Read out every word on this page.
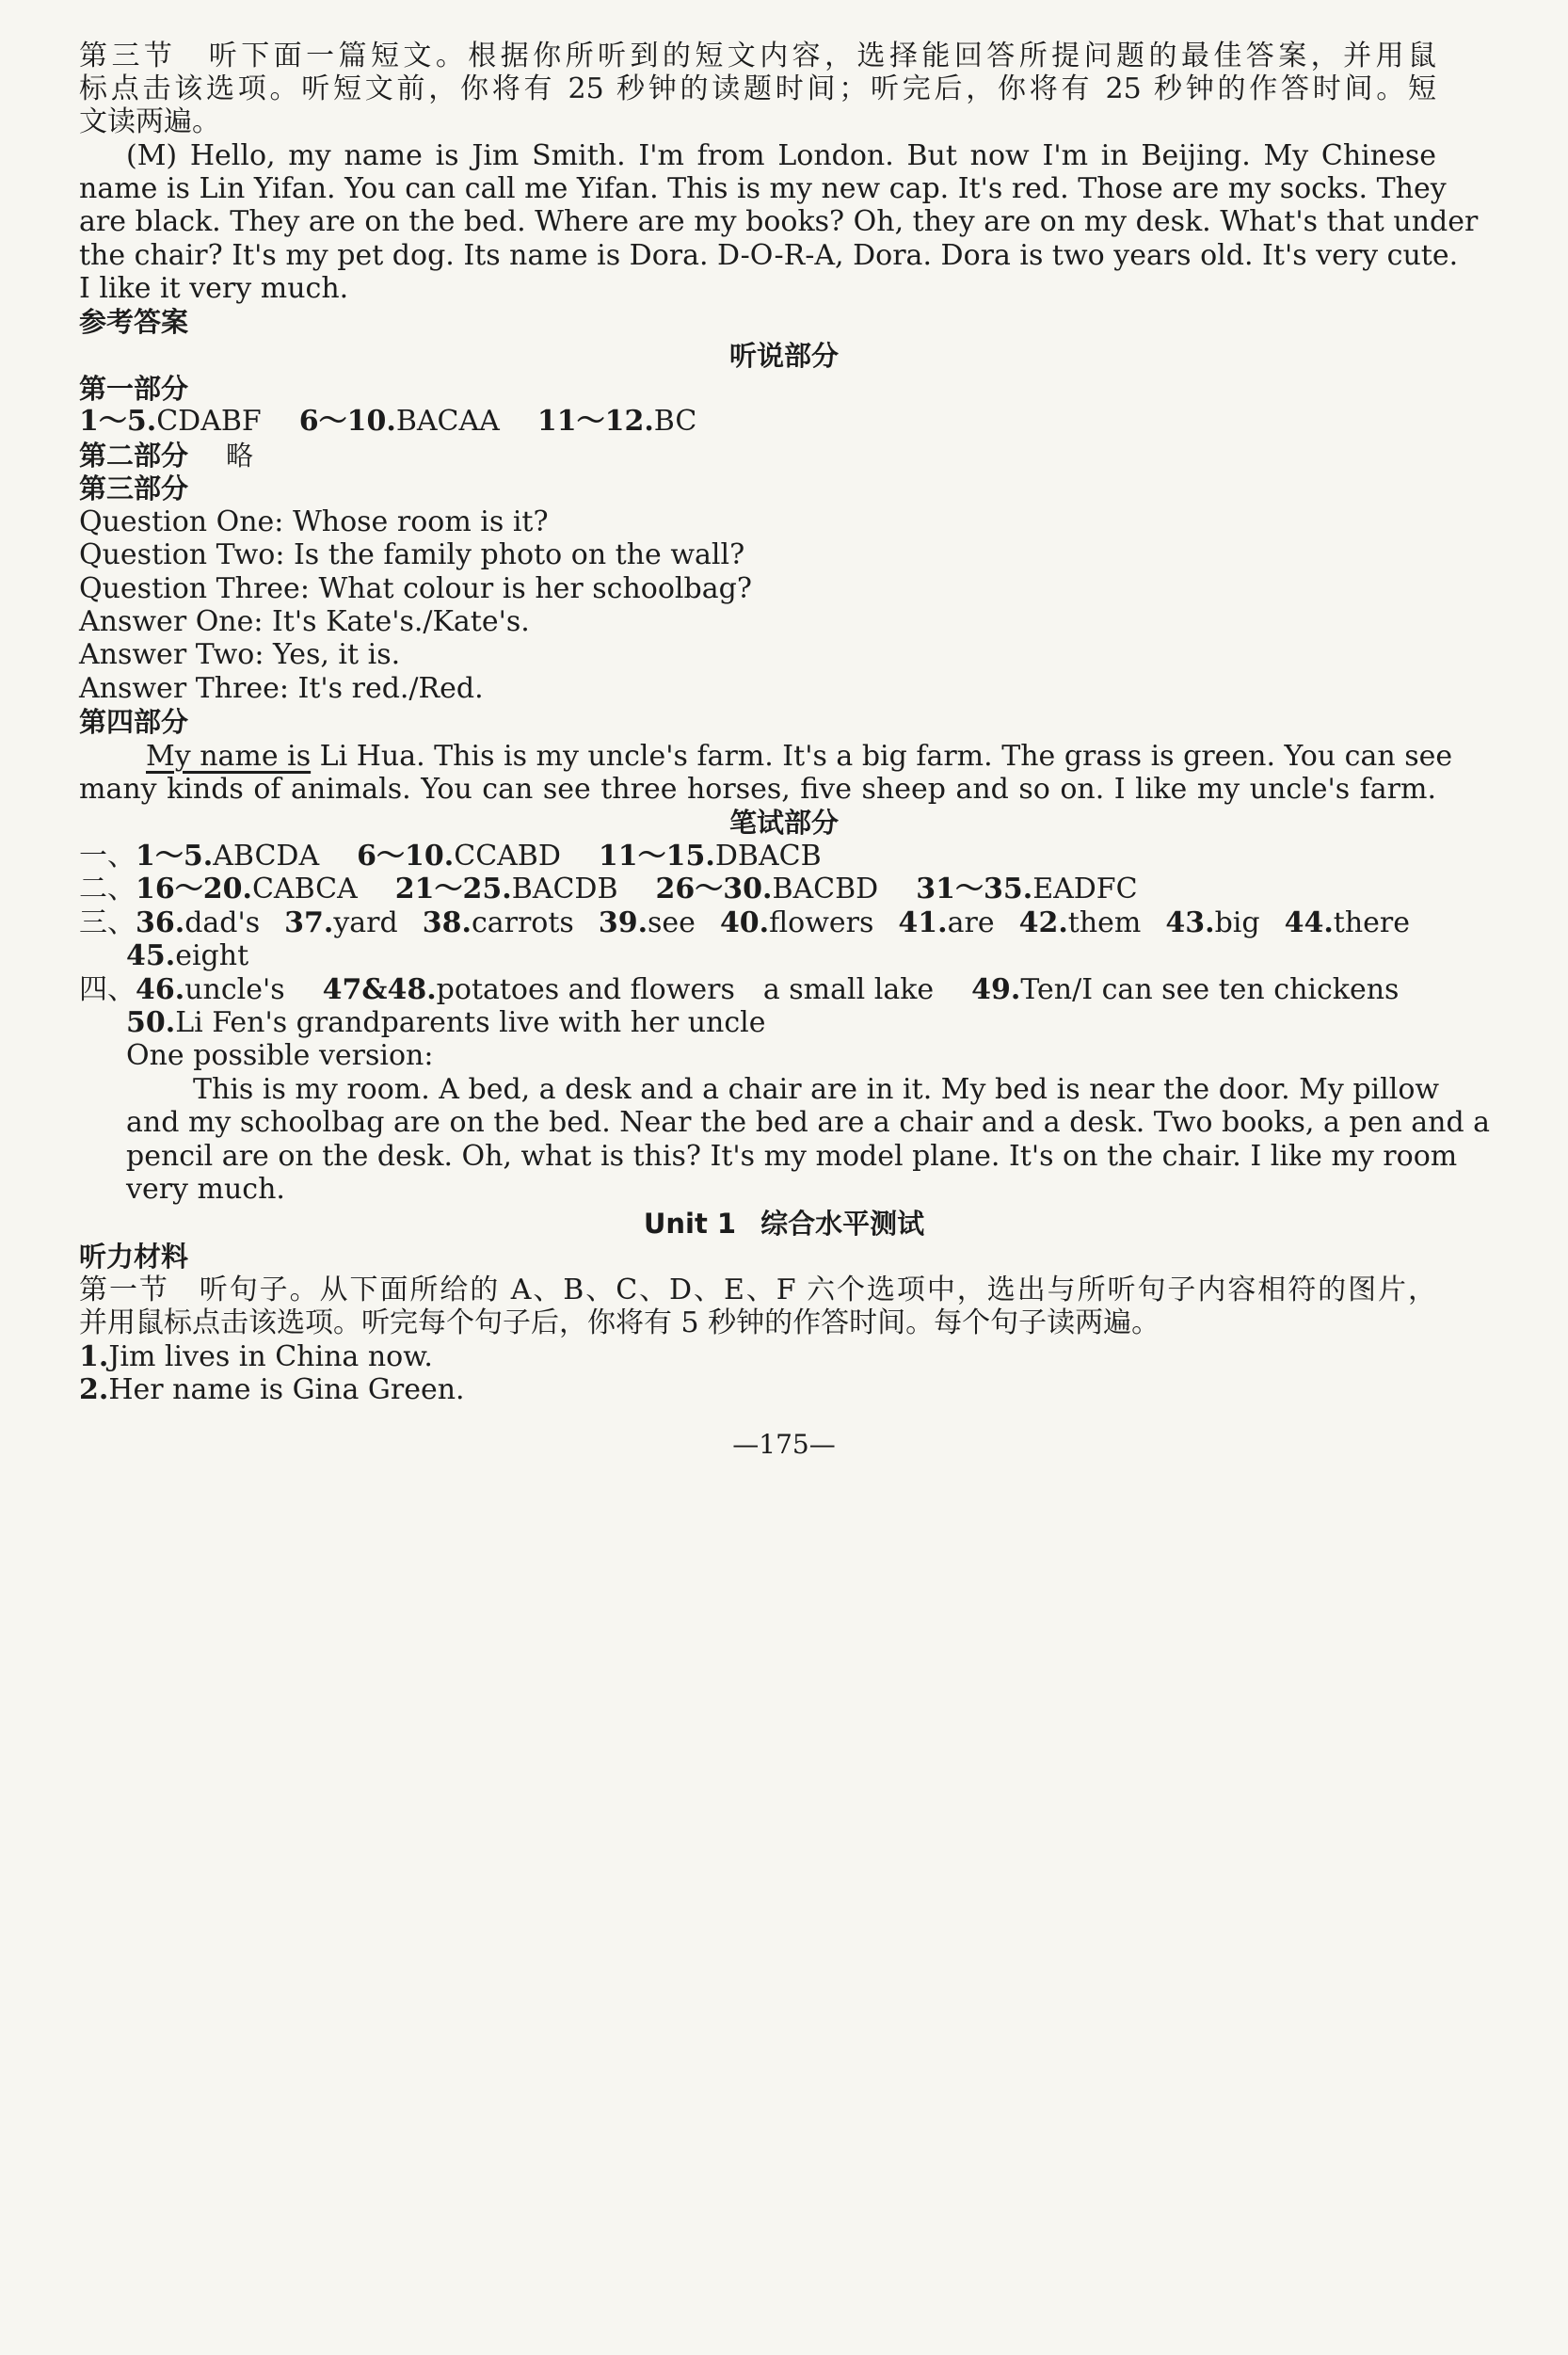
第三节　听下面一篇短文。根据你所听到的短文内容，选择能回答所提问题的最佳答案，并用鼠
标点击该选项。听短文前，你将有 25 秒钟的读题时间；听完后，你将有 25 秒钟的作答时间。短
文读两遍。
(M) Hello, my name is Jim Smith. I'm from London. But now I'm in Beijing. My Chinese
name is Lin Yifan. You can call me Yifan. This is my new cap. It's red. Those are my socks. They
are black. They are on the bed. Where are my books? Oh, they are on my desk. What's that under
the chair? It's my pet dog. Its name is Dora. D-O-R-A, Dora. Dora is two years old. It's very cute.
I like it very much.
参考答案
听说部分
第一部分
1～5.CDABF 6～10.BACAA 11～12.BC
第二部分 略
第三部分
Question One: Whose room is it?
Question Two: Is the family photo on the wall?
Question Three: What colour is her schoolbag?
Answer One: It's Kate's./Kate's.
Answer Two: Yes, it is.
Answer Three: It's red./Red.
第四部分
My name is Li Hua. This is my uncle's farm. It's a big farm. The grass is green. You can see
many kinds of animals. You can see three horses, five sheep and so on. I like my uncle's farm.
笔试部分
一、1～5.ABCDA 6～10.CCABD 11～15.DBACB
二、16～20.CABCA 21～25.BACDB 26～30.BACBD 31～35.EADFC
三、36.dad's 37.yard 38.carrots 39.see 40.flowers 41.are 42.them 43.big 44.there
45.eight
四、46.uncle's 47&48.potatoes and flowers　a small lake 49.Ten/I can see ten chickens
50.Li Fen's grandparents live with her uncle
One possible version:
This is my room. A bed, a desk and a chair are in it. My bed is near the door. My pillow
and my schoolbag are on the bed. Near the bed are a chair and a desk. Two books, a pen and a
pencil are on the desk. Oh, what is this? It's my model plane. It's on the chair. I like my room
very much.
Unit 1 综合水平测试
听力材料
第一节　听句子。从下面所给的 A、B、C、D、E、F 六个选项中，选出与所听句子内容相符的图片，
并用鼠标点击该选项。听完每个句子后，你将有 5 秒钟的作答时间。每个句子读两遍。
1.Jim lives in China now.
2.Her name is Gina Green.
—175—
